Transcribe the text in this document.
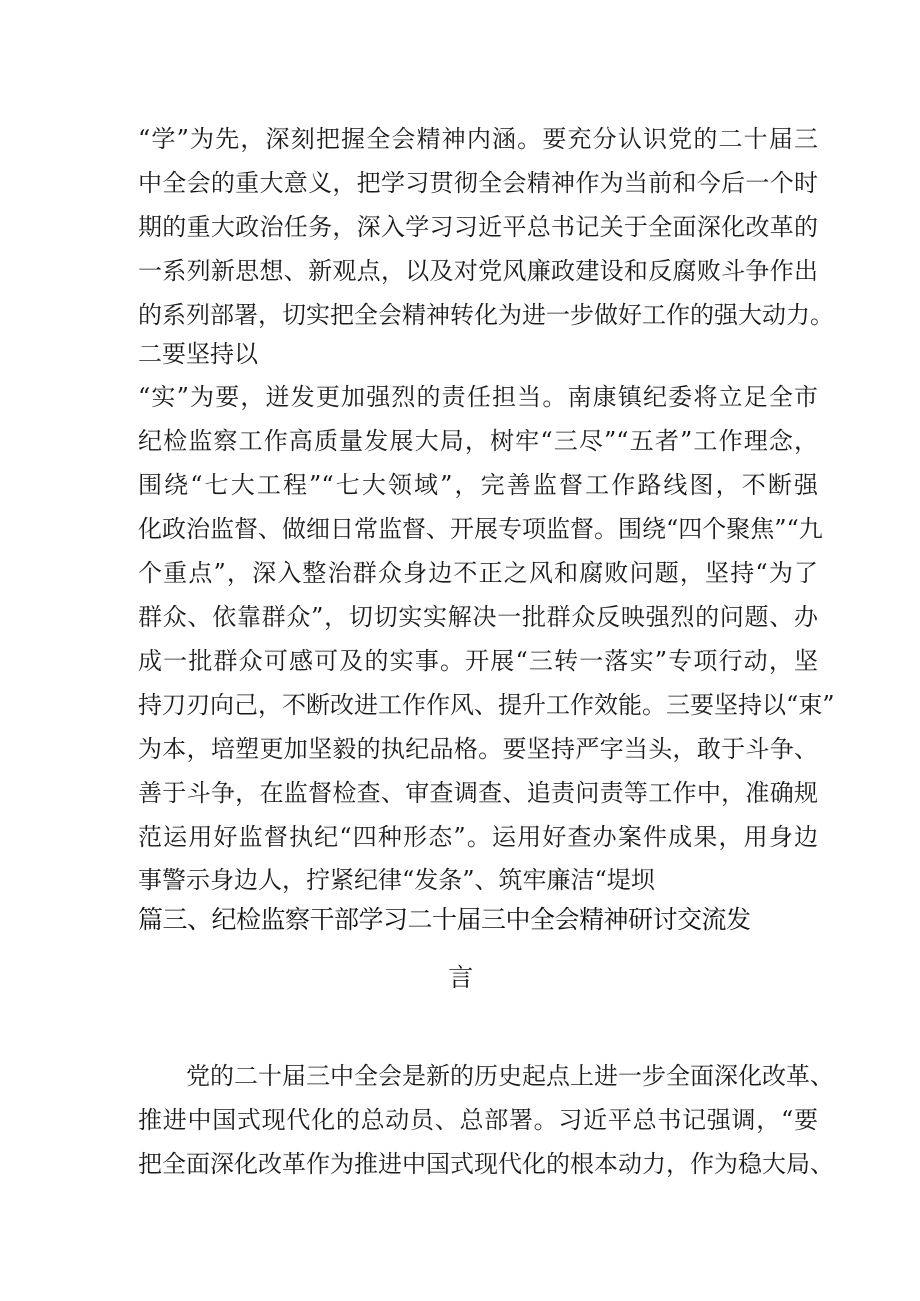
“学”为先，深刻把握全会精神内涵。要充分认识党的二十届三
中全会的重大意义，把学习贯彻全会精神作为当前和今后一个时
期的重大政治任务，深入学习习近平总书记关于全面深化改革的
一系列新思想、新观点，以及对党风廉政建设和反腐败斗争作出
的系列部署，切实把全会精神转化为进一步做好工作的强大动力。
二要坚持以
“实”为要，迸发更加强烈的责任担当。南康镇纪委将立足全市
纪检监察工作高质量发展大局，树牢“三尽”“五者”工作理念，
围绕“七大工程”“七大领域”，完善监督工作路线图，不断强
化政治监督、做细日常监督、开展专项监督。围绕“四个聚焦”“九
个重点”，深入整治群众身边不正之风和腐败问题，坚持“为了
群众、依靠群众”，切切实实解决一批群众反映强烈的问题、办
成一批群众可感可及的实事。开展“三转一落实”专项行动，坚
持刀刃向己，不断改进工作作风、提升工作效能。三要坚持以“束”
为本，培塑更加坚毅的执纪品格。要坚持严字当头，敢于斗争、
善于斗争，在监督检查、审查调查、追责问责等工作中，准确规
范运用好监督执纪“四种形态”。运用好查办案件成果，用身边
事警示身边人，拧紧纪律“发条”、筑牢廉洁“堤坝
篇三、纪检监察干部学习二十届三中全会精神研讨交流发
言
　　党的二十届三中全会是新的历史起点上进一步全面深化改革、
推进中国式现代化的总动员、总部署。习近平总书记强调，“要
把全面深化改革作为推进中国式现代化的根本动力，作为稳大局、
